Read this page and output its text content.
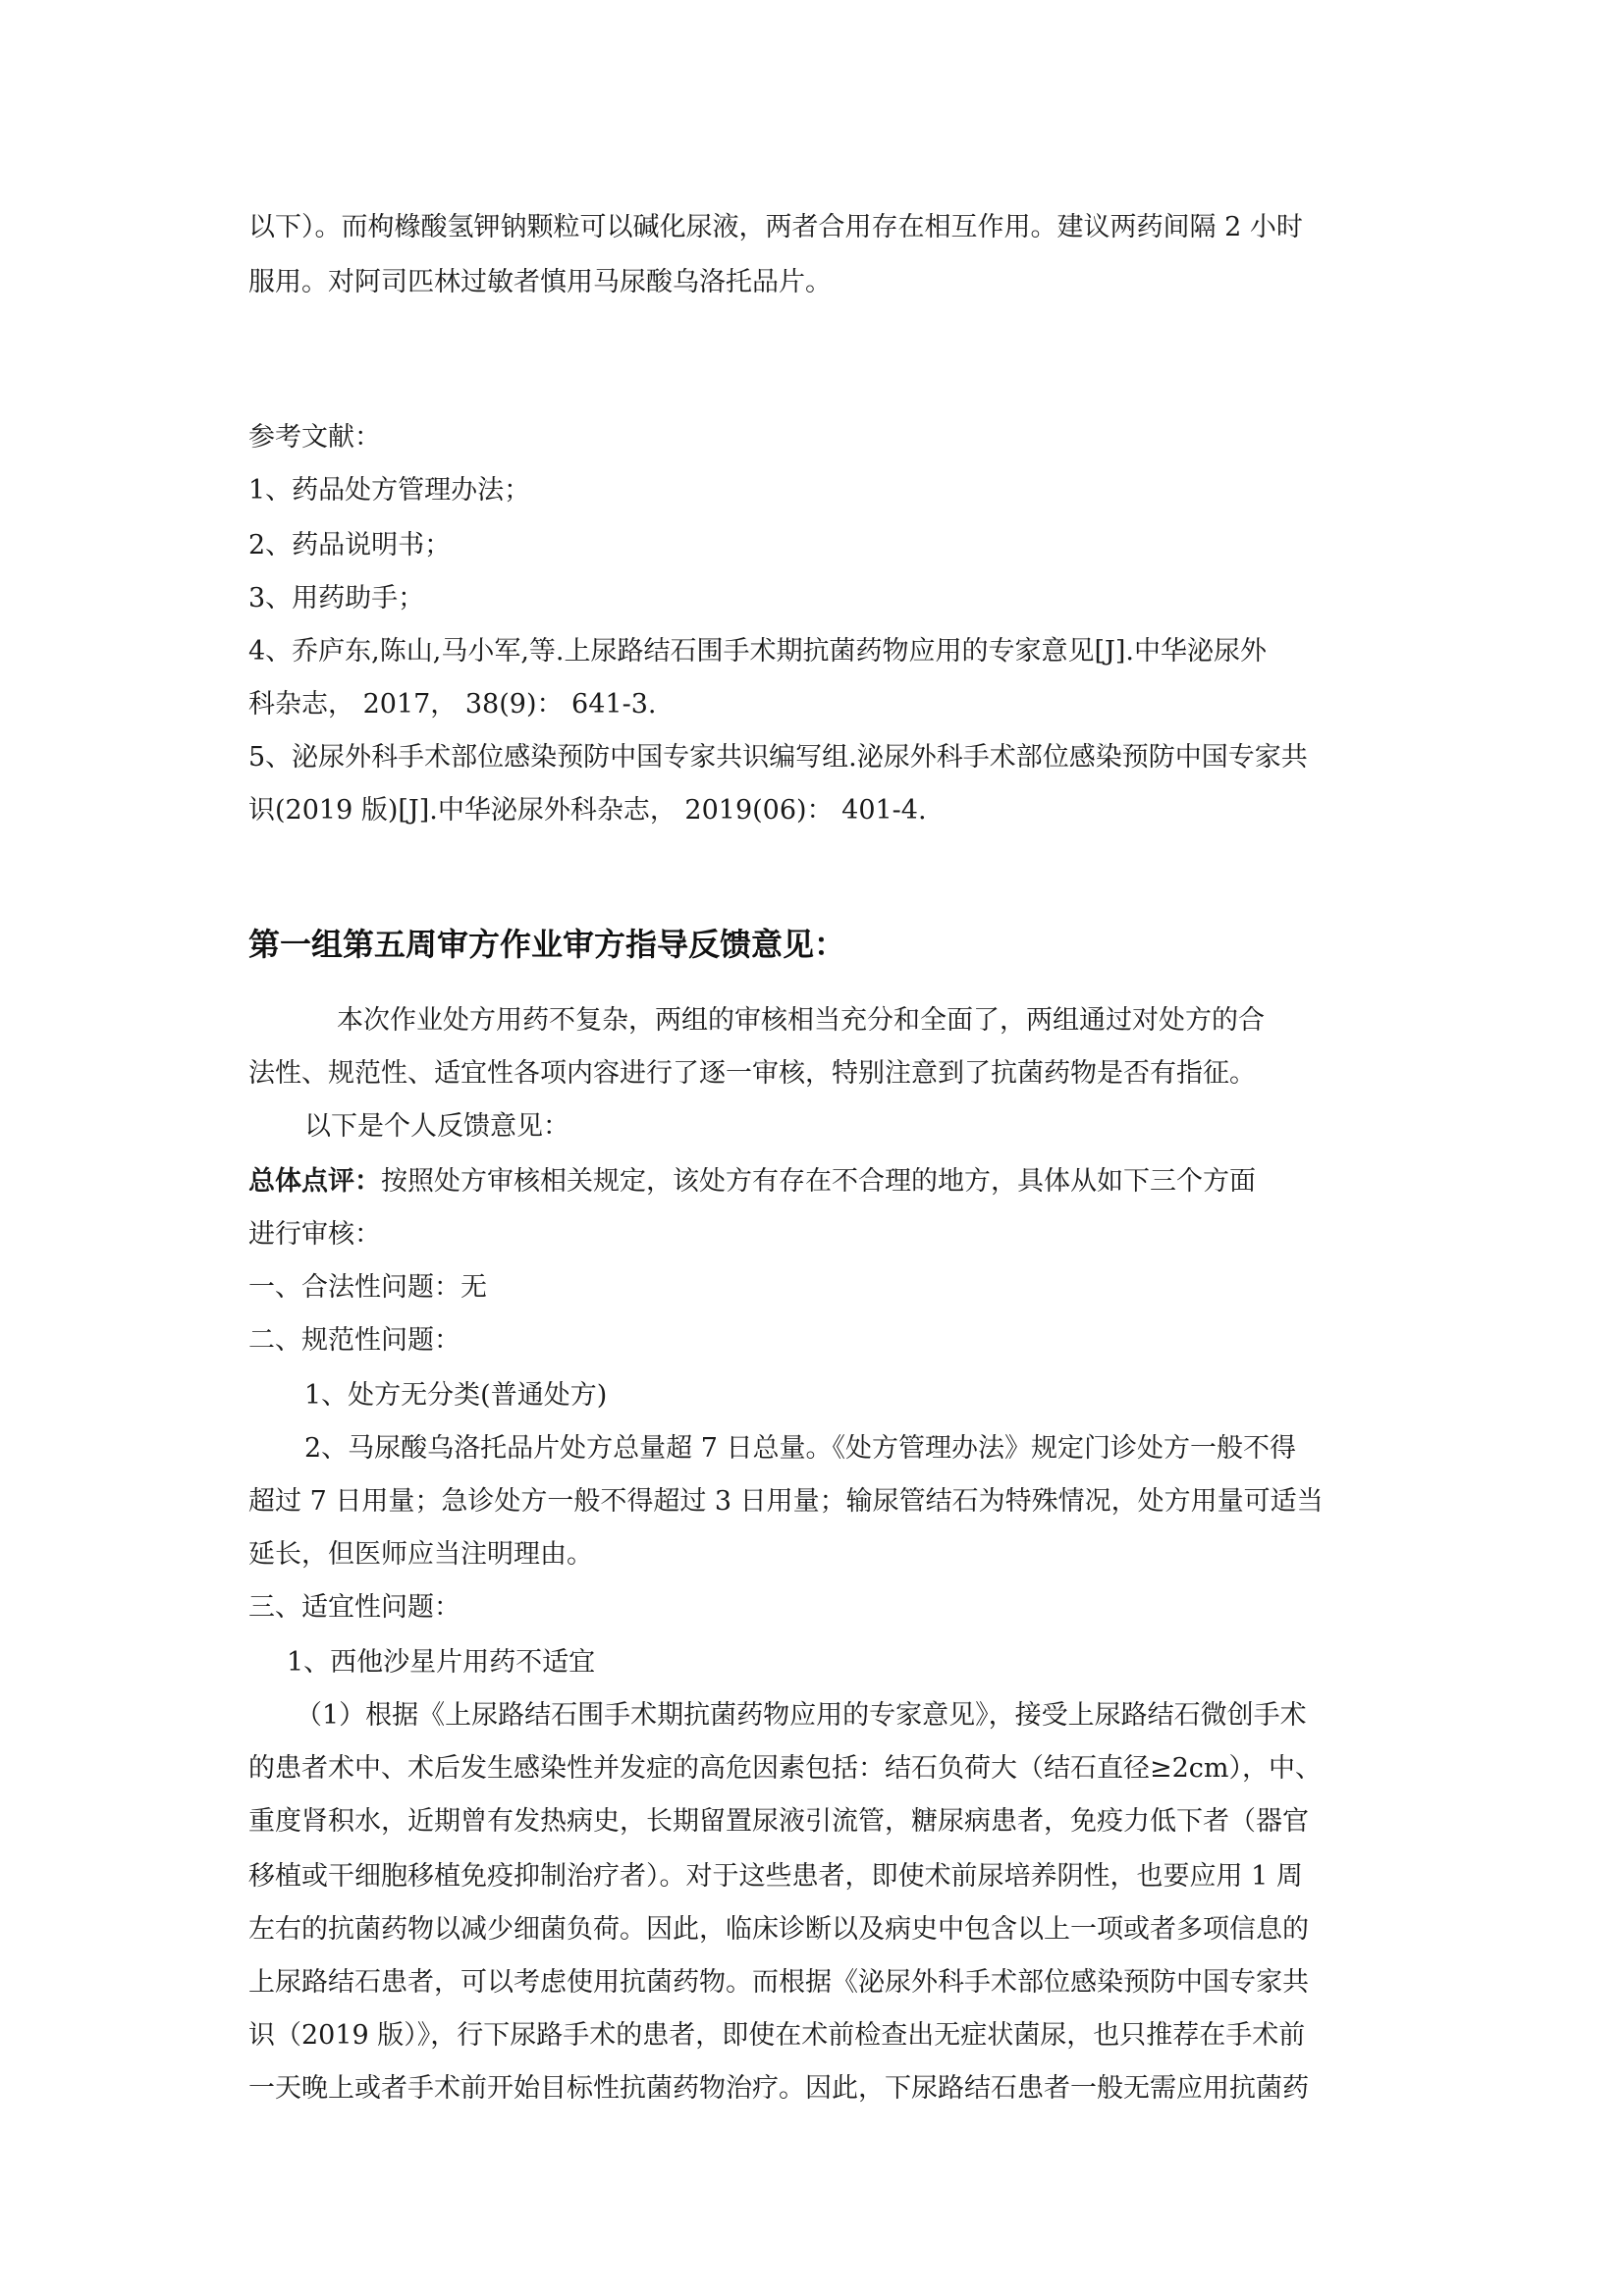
以下）。而枸橼酸氢钾钠颗粒可以碱化尿液，两者合用存在相互作用。建议两药间隔 2 小时
服用。对阿司匹林过敏者慎用马尿酸乌洛托品片。
参考文献：
1、药品处方管理办法；
2、药品说明书；
3、用药助手；
4、乔庐东,陈山,马小军,等.上尿路结石围手术期抗菌药物应用的专家意见[J].中华泌尿外
科杂志， 2017， 38(9)： 641-3.
5、泌尿外科手术部位感染预防中国专家共识编写组.泌尿外科手术部位感染预防中国专家共
识(2019 版)[J].中华泌尿外科杂志， 2019(06)： 401-4.
第一组第五周审方作业审方指导反馈意见：
本次作业处方用药不复杂，两组的审核相当充分和全面了，两组通过对处方的合
法性、规范性、适宜性各项内容进行了逐一审核，特别注意到了抗菌药物是否有指征。
以下是个人反馈意见：
总体点评：按照处方审核相关规定，该处方有存在不合理的地方，具体从如下三个方面
进行审核：
一、合法性问题：无
二、规范性问题：
1、处方无分类(普通处方)
2、马尿酸乌洛托品片处方总量超 7 日总量。《处方管理办法》规定门诊处方一般不得
超过 7 日用量；急诊处方一般不得超过 3 日用量；输尿管结石为特殊情况，处方用量可适当
延长，但医师应当注明理由。
三、适宜性问题：
1、西他沙星片用药不适宜
（1）根据《上尿路结石围手术期抗菌药物应用的专家意见》，接受上尿路结石微创手术
的患者术中、术后发生感染性并发症的高危因素包括：结石负荷大（结石直径≥2cm），中、
重度肾积水，近期曾有发热病史，长期留置尿液引流管，糖尿病患者，免疫力低下者（器官
移植或干细胞移植免疫抑制治疗者）。对于这些患者，即使术前尿培养阴性，也要应用 1 周
左右的抗菌药物以减少细菌负荷。因此，临床诊断以及病史中包含以上一项或者多项信息的
上尿路结石患者，可以考虑使用抗菌药物。而根据《泌尿外科手术部位感染预防中国专家共
识（2019 版）》，行下尿路手术的患者，即使在术前检查出无症状菌尿，也只推荐在手术前
一天晚上或者手术前开始目标性抗菌药物治疗。因此，下尿路结石患者一般无需应用抗菌药
